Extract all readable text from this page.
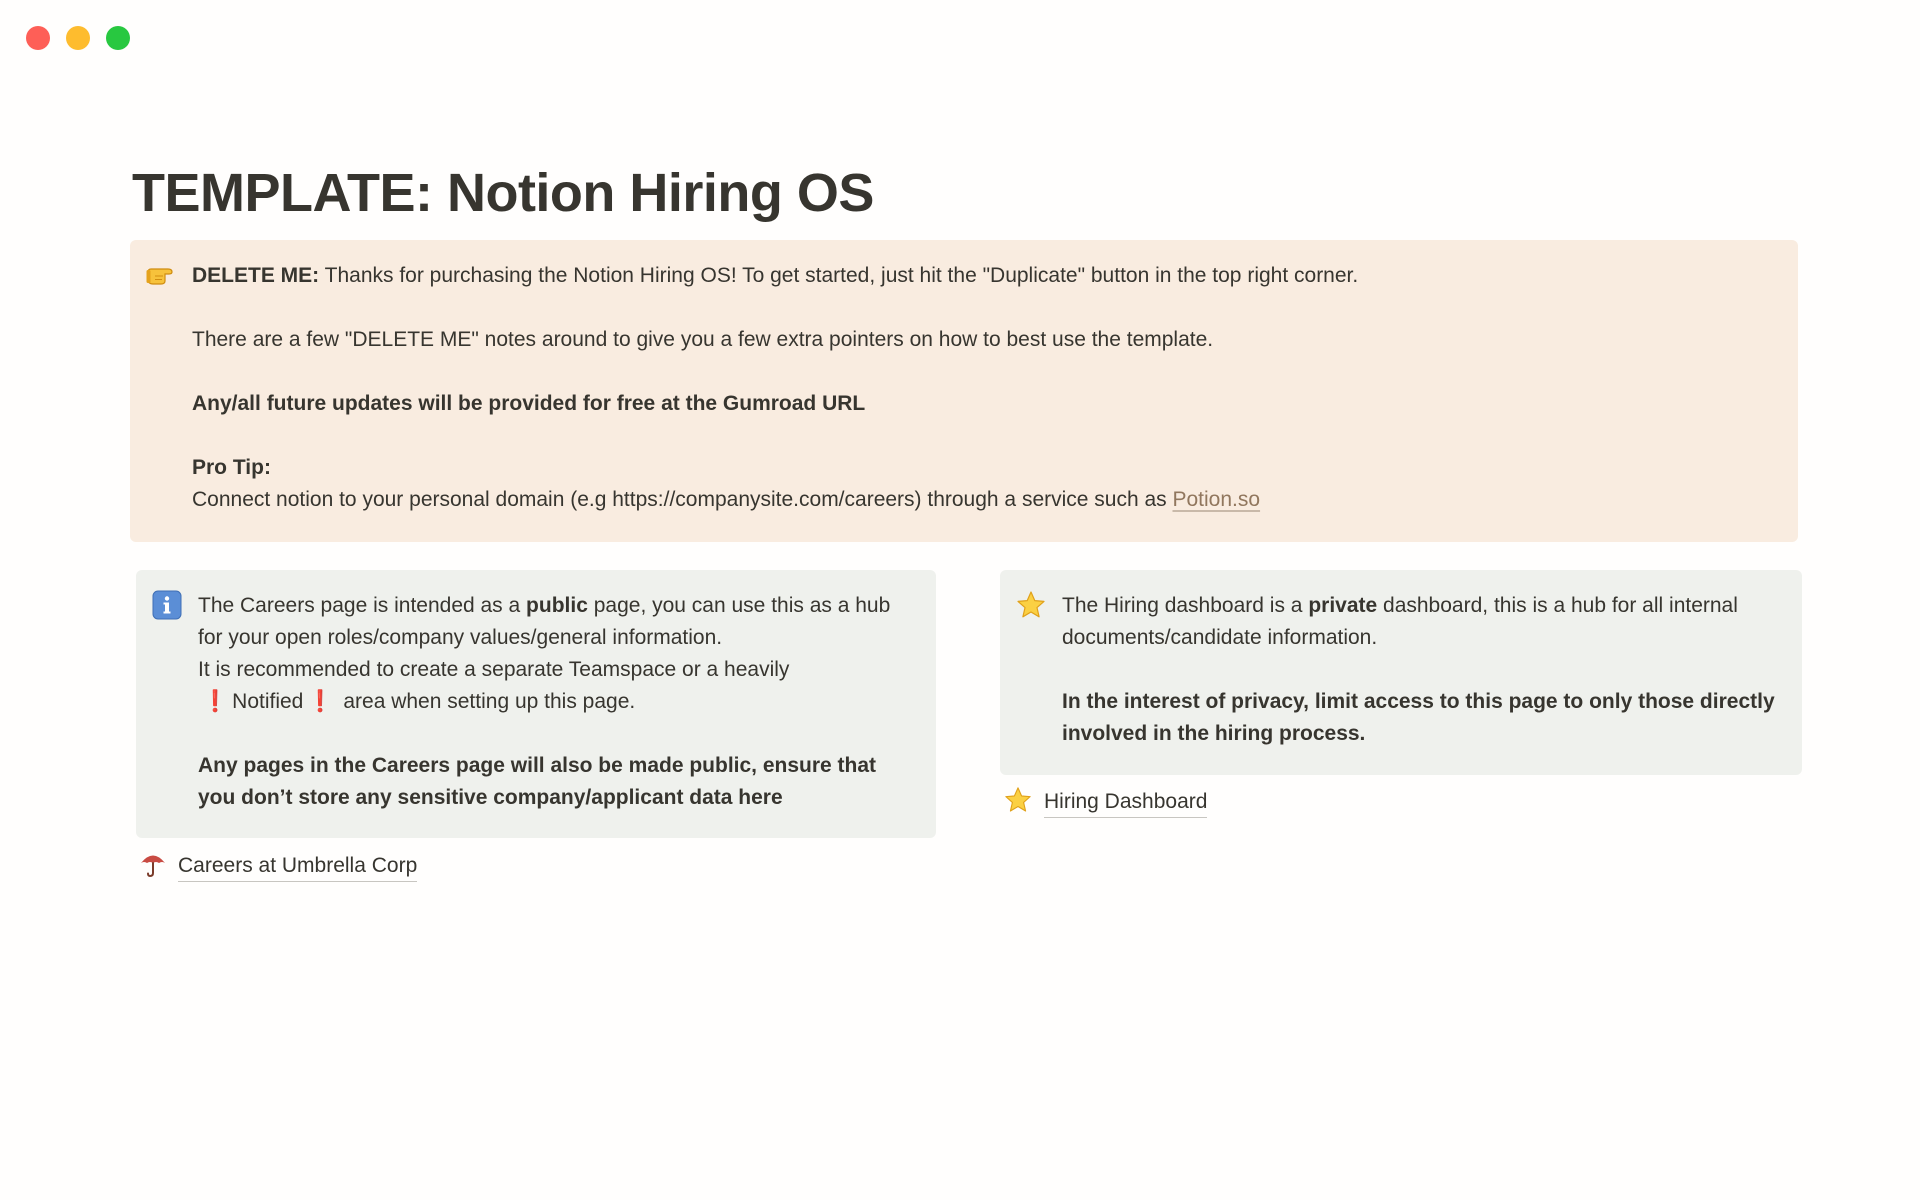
TEMPLATE: Notion Hiring OS

DELETE ME: Thanks for purchasing the Notion Hiring OS! To get started, just hit the "Duplicate" button in the top right corner.

There are a few "DELETE ME" notes around to give you a few extra pointers on how to best use the template.

Any/all future updates will be provided for free at the Gumroad URL

Pro Tip:

Connect notion to your personal domain (e.g https://companysite.com/careers) through a service such as Potion.so

The Careers page is intended as a public page, you can use this as a hub for your open roles/company values/general information.

It is recommended to create a separate Teamspace or a heavily

❗ Notified ❗ area when setting up this page.

Any pages in the Careers page will also be made public, ensure that you don’t store any sensitive company/applicant data here

The Hiring dashboard is a private dashboard, this is a hub for all internal documents/candidate information.

In the interest of privacy, limit access to this page to only those directly involved in the hiring process.

Careers at Umbrella Corp
Hiring Dashboard
